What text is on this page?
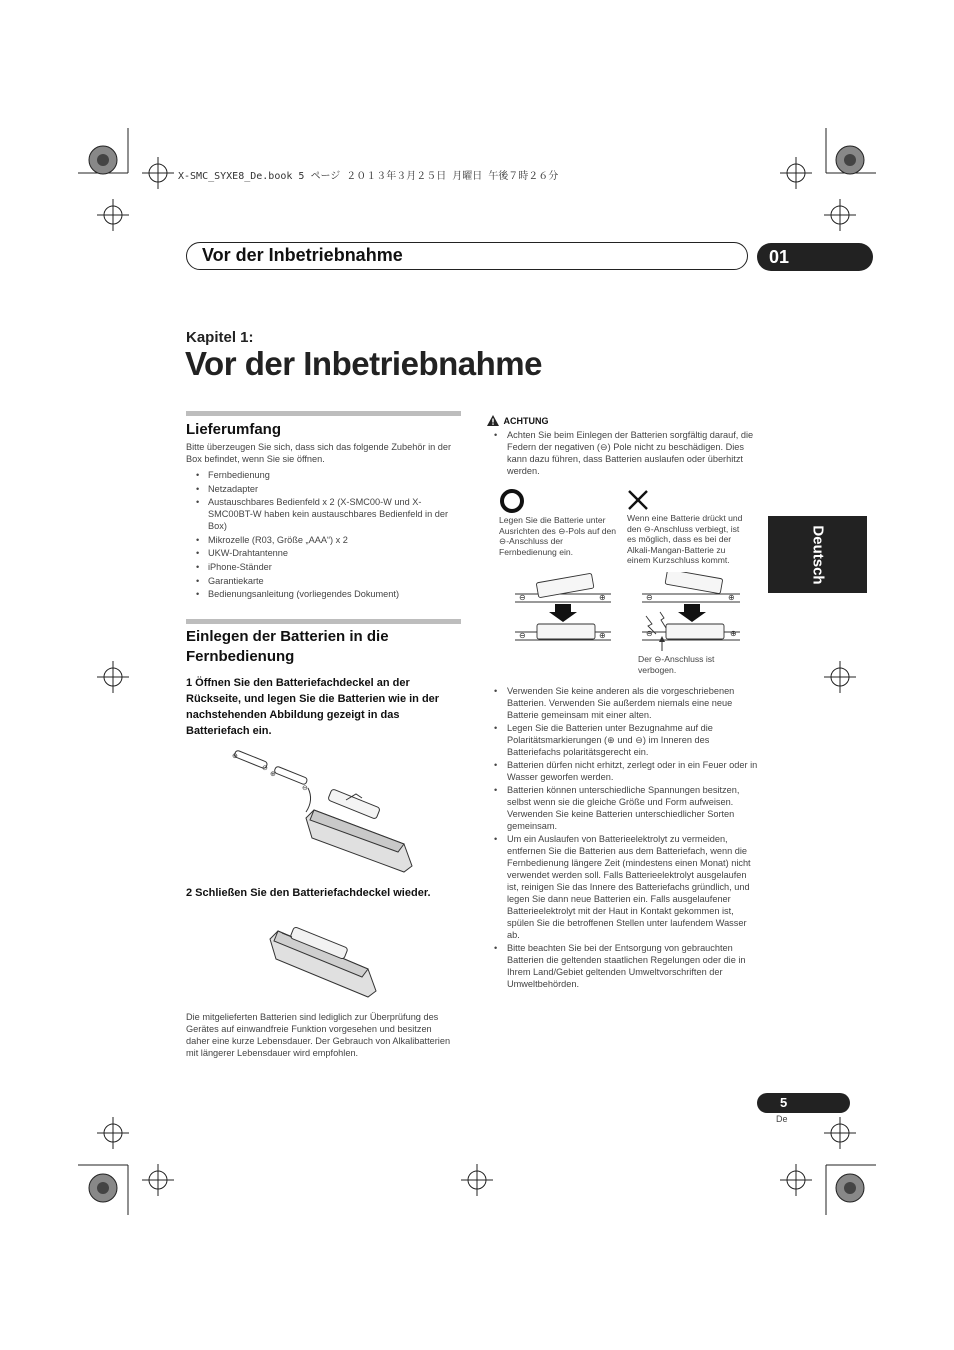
X-SMC_SYXE8_De.book 5 ページ ２０１３年３月２５日 月曜日 午後７時２６分
Vor der Inbetriebnahme	01
Kapitel 1:
Vor der Inbetriebnahme
Lieferumfang
Bitte überzeugen Sie sich, dass sich das folgende Zubehör in der Box befindet, wenn Sie sie öffnen.
• Fernbedienung
• Netzadapter
• Austauschbares Bedienfeld x 2 (X-SMC00-W und X-SMC00BT-W haben kein austauschbares Bedienfeld in der Box)
• Mikrozelle (R03, Größe „AAA“) x 2
• UKW-Drahtantenne
• iPhone-Ständer
• Garantiekarte
• Bedienungsanleitung (vorliegendes Dokument)
Einlegen der Batterien in die Fernbedienung
1 Öffnen Sie den Batteriefachdeckel an der Rückseite, und legen Sie die Batterien wie in der nachstehenden Abbildung gezeigt in das Batteriefach ein.
⊕
⊖
⊕
⊖
2 Schließen Sie den Batteriefachdeckel wieder.
Die mitgelieferten Batterien sind lediglich zur Überprüfung des Gerätes auf einwandfreie Funktion vorgesehen und besitzen daher eine kurze Lebensdauer. Der Gebrauch von Alkalibatterien mit längerer Lebensdauer wird empfohlen.
ACHTUNG
• Achten Sie beim Einlegen der Batterien sorgfältig darauf, die Federn der negativen (⊖) Pole nicht zu beschädigen. Dies kann dazu führen, dass Batterien auslaufen oder überhitzt werden.
Legen Sie die Batterie unter Ausrichten des ⊖-Pols auf den ⊖-Anschluss der Fernbedienung ein.
Wenn eine Batterie drückt und den ⊖-Anschluss verbiegt, ist es möglich, dass es bei der Alkali-Mangan-Batterie zu einem Kurzschluss kommt.
⊖	⊕
⊖	⊕
⊖	⊕
⊖	⊕
Der ⊖-Anschluss ist verbogen.
• Verwenden Sie keine anderen als die vorgeschriebenen Batterien. Verwenden Sie außerdem niemals eine neue Batterie gemeinsam mit einer alten.
• Legen Sie die Batterien unter Bezugnahme auf die Polaritätsmarkierungen (⊕ und ⊖) im Inneren des Batteriefachs polaritätsgerecht ein.
• Batterien dürfen nicht erhitzt, zerlegt oder in ein Feuer oder in Wasser geworfen werden.
• Batterien können unterschiedliche Spannungen besitzen, selbst wenn sie die gleiche Größe und Form aufweisen. Verwenden Sie keine Batterien unterschiedlicher Sorten gemeinsam.
• Um ein Auslaufen von Batterieelektrolyt zu vermeiden, entfernen Sie die Batterien aus dem Batteriefach, wenn die Fernbedienung längere Zeit (mindestens einen Monat) nicht verwendet werden soll. Falls Batterieelektrolyt ausgelaufen ist, reinigen Sie das Innere des Batteriefachs gründlich, und legen Sie dann neue Batterien ein. Falls ausgelaufener Batterieelektrolyt mit der Haut in Kontakt gekommen ist, spülen Sie die betroffenen Stellen unter laufendem Wasser ab.
• Bitte beachten Sie bei der Entsorgung von gebrauchten Batterien die geltenden staatlichen Regelungen oder die in Ihrem Land/Gebiet geltenden Umweltvorschriften der Umweltbehörden.
Deutsch
5
De
